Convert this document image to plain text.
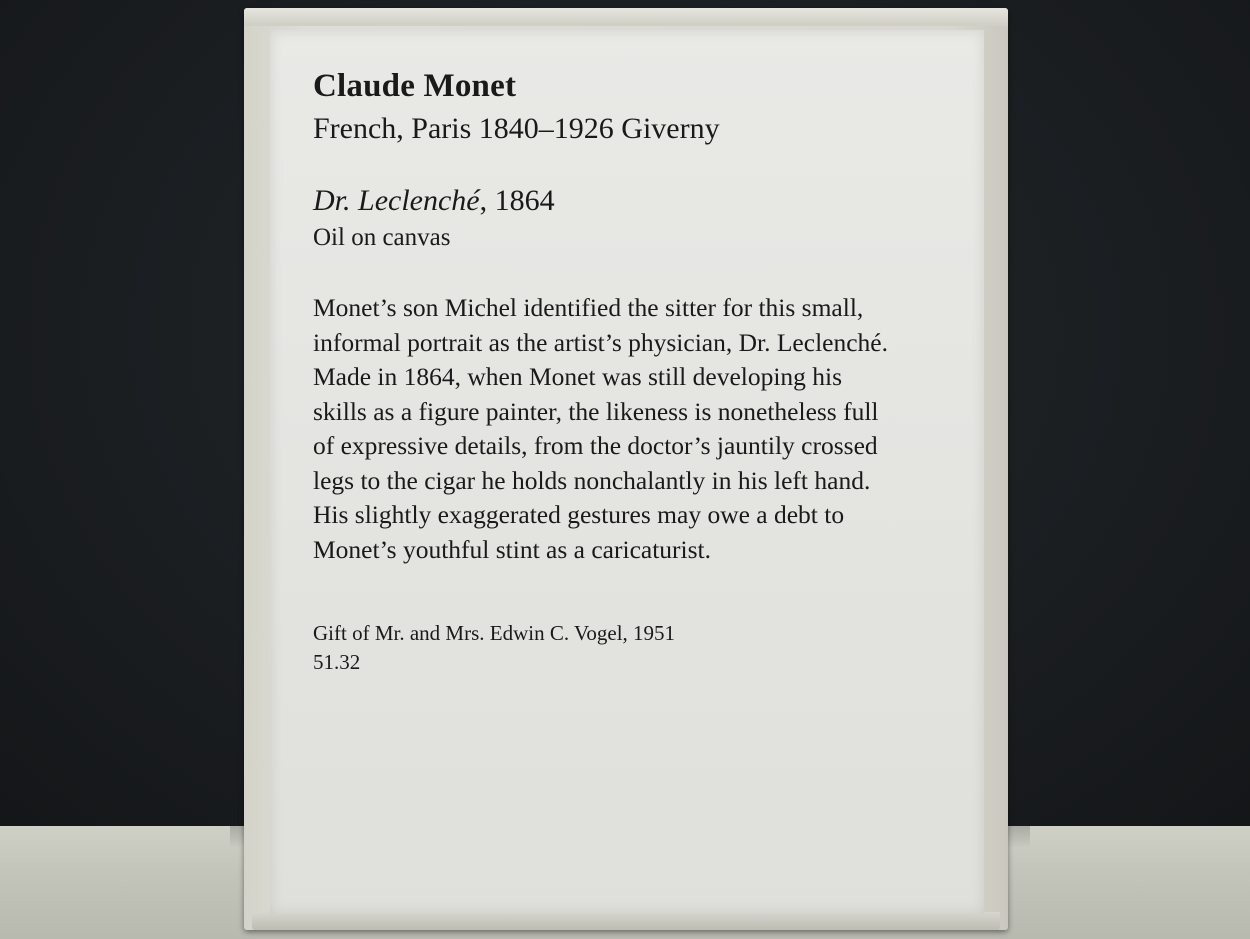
Claude Monet
French, Paris 1840–1926 Giverny
Dr. Leclenché, 1864
Oil on canvas
Monet’s son Michel identified the sitter for this small,
informal portrait as the artist’s physician, Dr. Leclenché.
Made in 1864, when Monet was still developing his
skills as a figure painter, the likeness is nonetheless full
of expressive details, from the doctor’s jauntily crossed
legs to the cigar he holds nonchalantly in his left hand.
His slightly exaggerated gestures may owe a debt to
Monet’s youthful stint as a caricaturist.
Gift of Mr. and Mrs. Edwin C. Vogel, 1951
51.32
